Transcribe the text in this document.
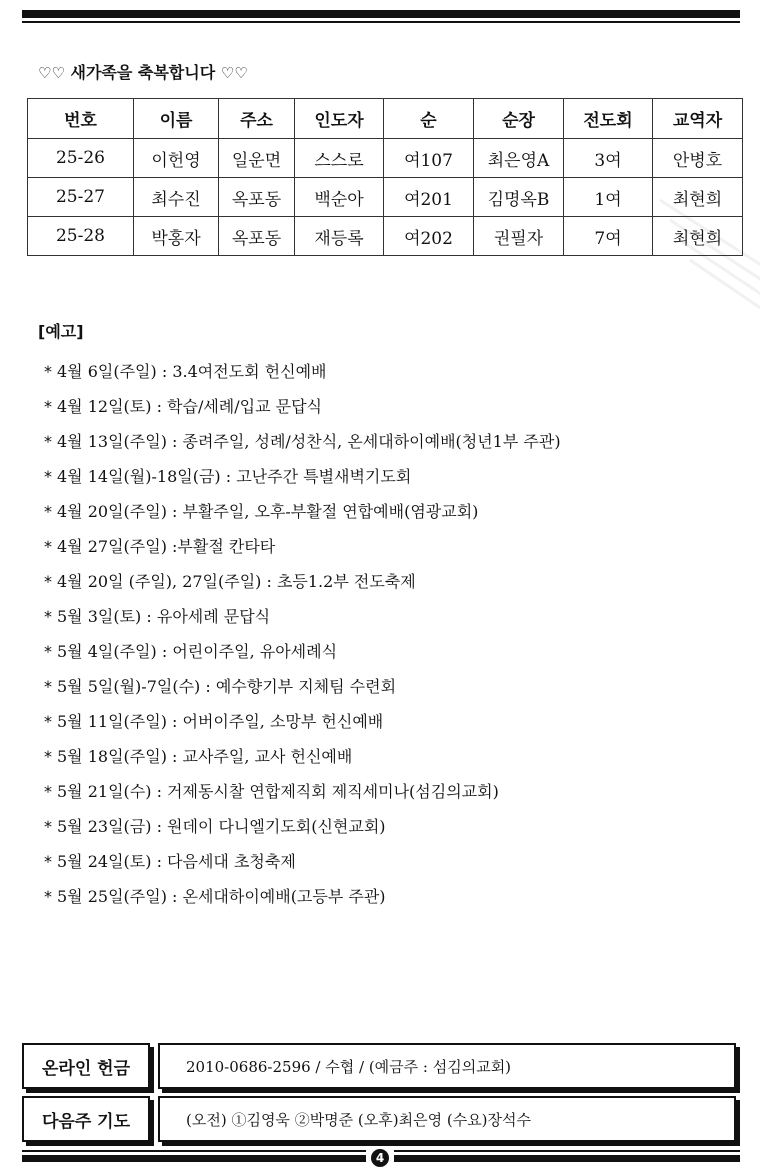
♡♡ 새가족을 축복합니다 ♡♡
번호	이름	주소	인도자	순	순장	전도회	교역자
25-26	이헌영	일운면	스스로	여107	최은영A	3여	안병호
25-27	최수진	옥포동	백순아	여201	김명옥B	1여	최현희
25-28	박홍자	옥포동	재등록	여202	권필자	7여	최현희
[예고]
* 4월 6일(주일) : 3.4여전도회 헌신예배
* 4월 12일(토) : 학습/세례/입교 문답식
* 4월 13일(주일) : 종려주일, 성례/성찬식, 온세대하이예배(청년1부 주관)
* 4월 14일(월)-18일(금) : 고난주간 특별새벽기도회
* 4월 20일(주일) : 부활주일, 오후-부활절 연합예배(염광교회)
* 4월 27일(주일) :부활절 칸타타
* 4월 20일 (주일), 27일(주일) : 초등1.2부 전도축제
* 5월 3일(토) : 유아세례 문답식
* 5월 4일(주일) : 어린이주일, 유아세례식
* 5월 5일(월)-7일(수) : 예수향기부 지체팀 수련회
* 5월 11일(주일) : 어버이주일, 소망부 헌신예배
* 5월 18일(주일) : 교사주일, 교사 헌신예배
* 5월 21일(수) : 거제동시찰 연합제직회 제직세미나(섬김의교회)
* 5월 23일(금) : 원데이 다니엘기도회(신현교회)
* 5월 24일(토) : 다음세대 초청축제
* 5월 25일(주일) : 온세대하이예배(고등부 주관)
온라인 헌금	2010-0686-2596 / 수협 / (예금주 : 섬김의교회)
다음주 기도	(오전) ①김영욱 ②박명준 (오후)최은영 (수요)장석수
4
